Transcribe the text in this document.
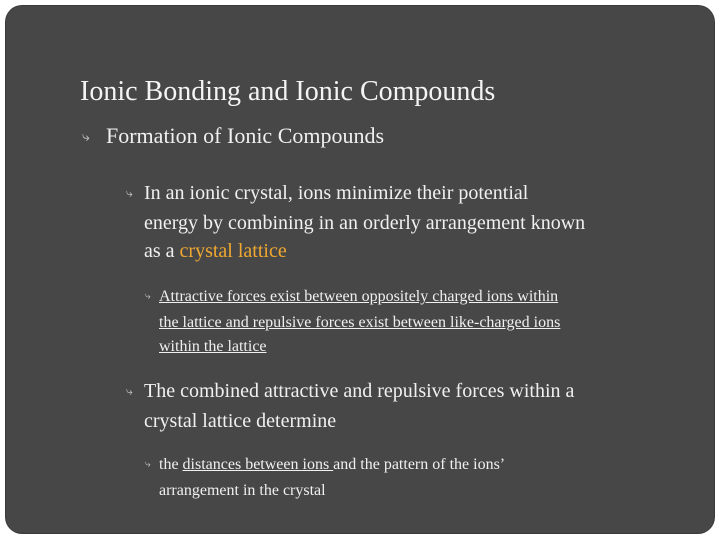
Ionic Bonding and Ionic Compounds
⤷ Formation of Ionic Compounds
⤷ In an ionic crystal, ions minimize their potential
energy by combining in an orderly arrangement known
as a crystal lattice
⤷ Attractive forces exist between oppositely charged ions within
the lattice and repulsive forces exist between like-charged ions
within the lattice
⤷ The combined attractive and repulsive forces within a
crystal lattice determine
⤷ the distances between ions and the pattern of the ions’
arrangement in the crystal
